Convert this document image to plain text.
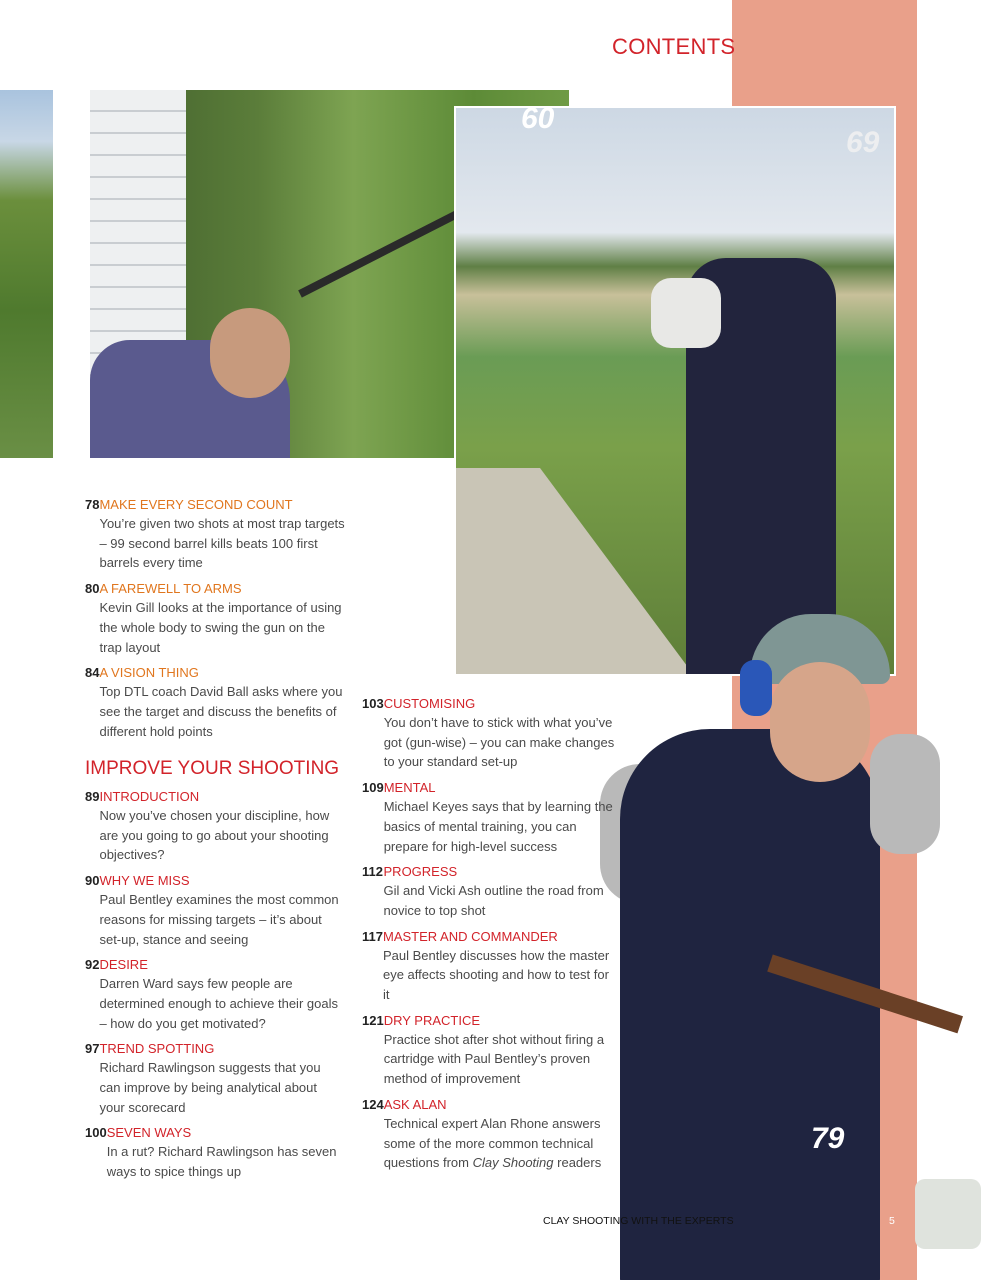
CONTENTS
60
69
79
78 MAKE EVERY SECOND COUNT
You’re given two shots at most trap targets – 99 second barrel kills beats 100 first barrels every time
80 A FAREWELL TO ARMS
Kevin Gill looks at the importance of using the whole body to swing the gun on the trap layout
84 A VISION THING
Top DTL coach David Ball asks where you see the target and discuss the benefits of different hold points
IMPROVE YOUR SHOOTING
89 INTRODUCTION
Now you’ve chosen your discipline, how are you going to go about your shooting objectives?
90 WHY WE MISS
Paul Bentley examines the most common reasons for missing targets – it’s about set-up, stance and seeing
92 DESIRE
Darren Ward says few people are determined enough to achieve their goals – how do you get motivated?
97 TREND SPOTTING
Richard Rawlingson suggests that you can improve by being analytical about your scorecard
100 SEVEN WAYS
In a rut? Richard Rawlingson has seven ways to spice things up
103 CUSTOMISING
You don’t have to stick with what you’ve got (gun-wise) – you can make changes to your standard set-up
109 MENTAL
Michael Keyes says that by learning the basics of mental training, you can prepare for high-level success
112 PROGRESS
Gil and Vicki Ash outline the road from novice to top shot
117 MASTER AND COMMANDER
Paul Bentley discusses how the master eye affects shooting and how to test for it
121 DRY PRACTICE
Practice shot after shot without firing a cartridge with Paul Bentley’s proven method of improvement
124 ASK ALAN
Technical expert Alan Rhone answers some of the more common technical questions from Clay Shooting readers
CLAY SHOOTING WITH THE EXPERTS	5
